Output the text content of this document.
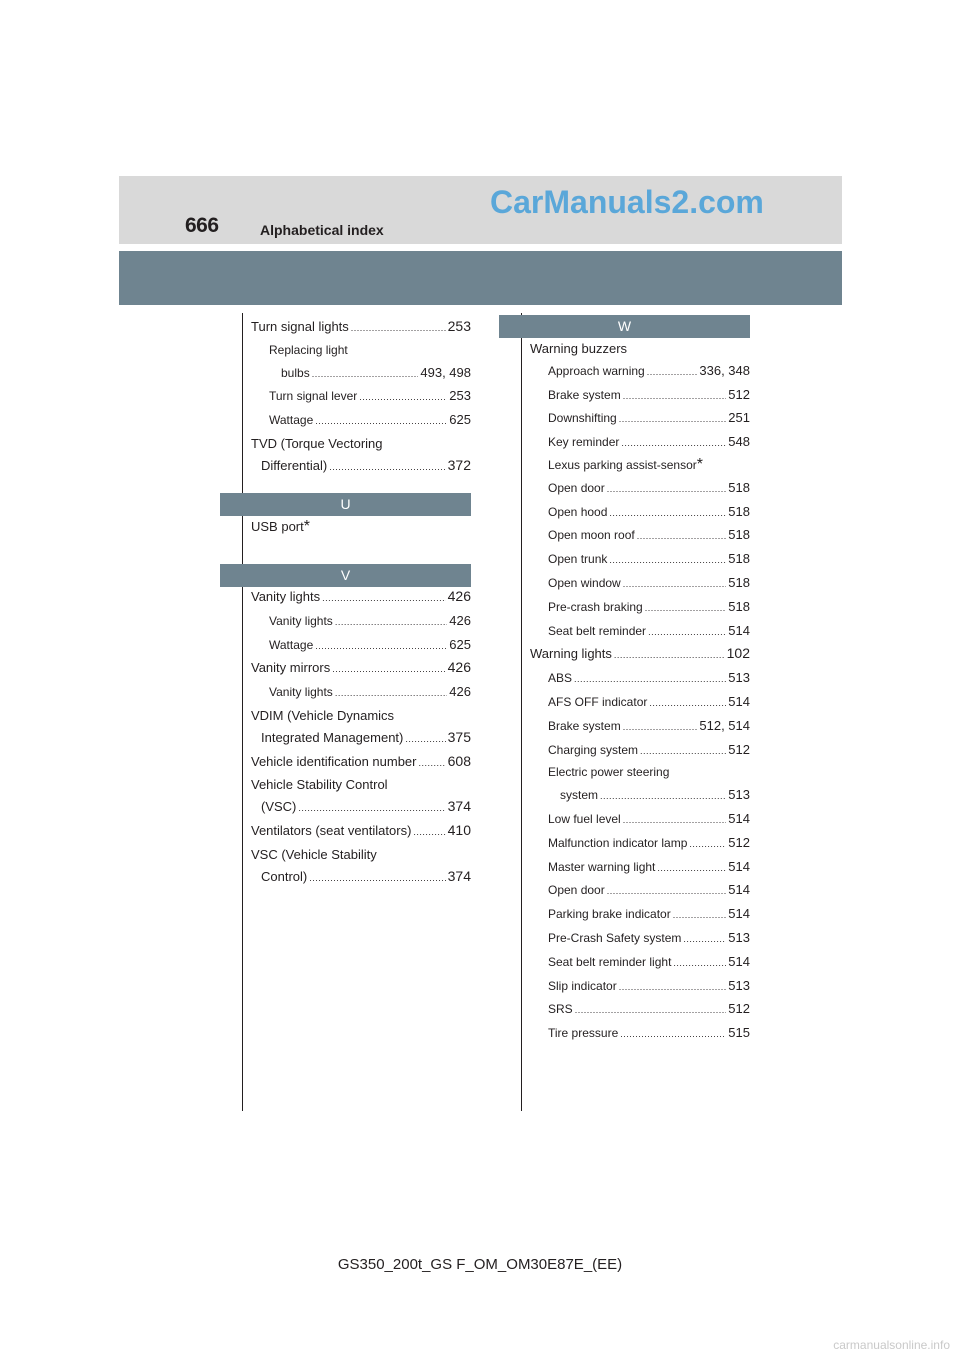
666	Alphabetical index
CarManuals2.com
Turn signal lights .....	253
Replacing light
bulbs .....	493, 498
Turn signal lever .....	253
Wattage .....	625
TVD (Torque Vectoring
Differential) .....	372
U
USB port *
V
Vanity lights .....	426
Vanity lights .....	426
Wattage .....	625
Vanity mirrors .....	426
Vanity lights .....	426
VDIM (Vehicle Dynamics
Integrated Management) .....	375
Vehicle identification number ..... 608
Vehicle Stability Control
(VSC) .....	374
Ventilators (seat ventilators) .....	410
VSC (Vehicle Stability
Control) .....	374
W
Warning buzzers
Approach warning .....	336, 348
Brake system .....	512
Downshifting .....	251
Key reminder .....	548
Lexus parking assist-sensor *
Open door .....	518
Open hood .....	518
Open moon roof .....	518
Open trunk .....	518
Open window .....	518
Pre-crash braking .....	518
Seat belt reminder .....	514
Warning lights .....	102
ABS .....	513
AFS OFF indicator .....	514
Brake system .....	512, 514
Charging system .....	512
Electric power steering
system .....	513
Low fuel level .....	514
Malfunction indicator lamp .....	512
Master warning light .....	514
Open door .....	514
Parking brake indicator .....	514
Pre-Crash Safety system .....	513
Seat belt reminder light .....	514
Slip indicator .....	513
SRS .....	512
Tire pressure .....	515
GS350_200t_GS F_OM_OM30E87E_(EE)
carmanualsonline.info
